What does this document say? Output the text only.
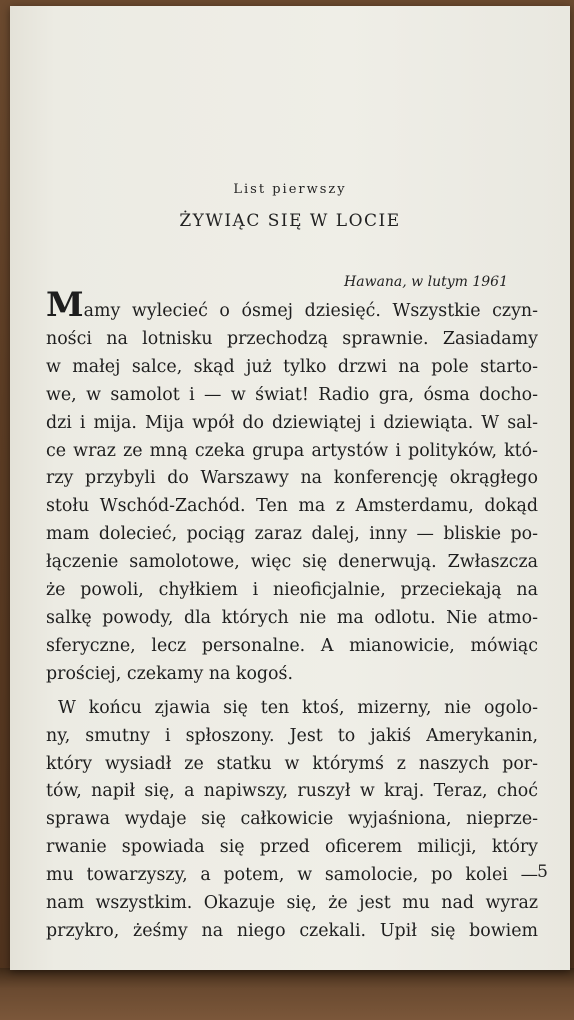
List pierwszy
ŻYWIĄC SIĘ W LOCIE
Hawana, w lutym 1961
Mamy wylecieć o ósmej dziesięć. Wszystkie czyn-
ności na lotnisku przechodzą sprawnie. Zasiadamy
w małej salce, skąd już tylko drzwi na pole starto-
we, w samolot i — w świat! Radio gra, ósma docho-
dzi i mija. Mija wpół do dziewiątej i dziewiąta. W sal-
ce wraz ze mną czeka grupa artystów i polityków, któ-
rzy przybyli do Warszawy na konferencję okrągłego
stołu Wschód-Zachód. Ten ma z Amsterdamu, dokąd
mam dolecieć, pociąg zaraz dalej, inny — bliskie po-
łączenie samolotowe, więc się denerwują. Zwłaszcza
że powoli, chyłkiem i nieoficjalnie, przeciekają na
salkę powody, dla których nie ma odlotu. Nie atmo-
sferyczne, lecz personalne. A mianowicie, mówiąc
prościej, czekamy na kogoś.
W końcu zjawia się ten ktoś, mizerny, nie ogolo-
ny, smutny i spłoszony. Jest to jakiś Amerykanin,
który wysiadł ze statku w którymś z naszych por-
tów, napił się, a napiwszy, ruszył w kraj. Teraz, choć
sprawa wydaje się całkowicie wyjaśniona, nieprze-
rwanie spowiada się przed oficerem milicji, który
mu towarzyszy, a potem, w samolocie, po kolei —
nam wszystkim. Okazuje się, że jest mu nad wyraz
przykro, żeśmy na niego czekali. Upił się bowiem
5
